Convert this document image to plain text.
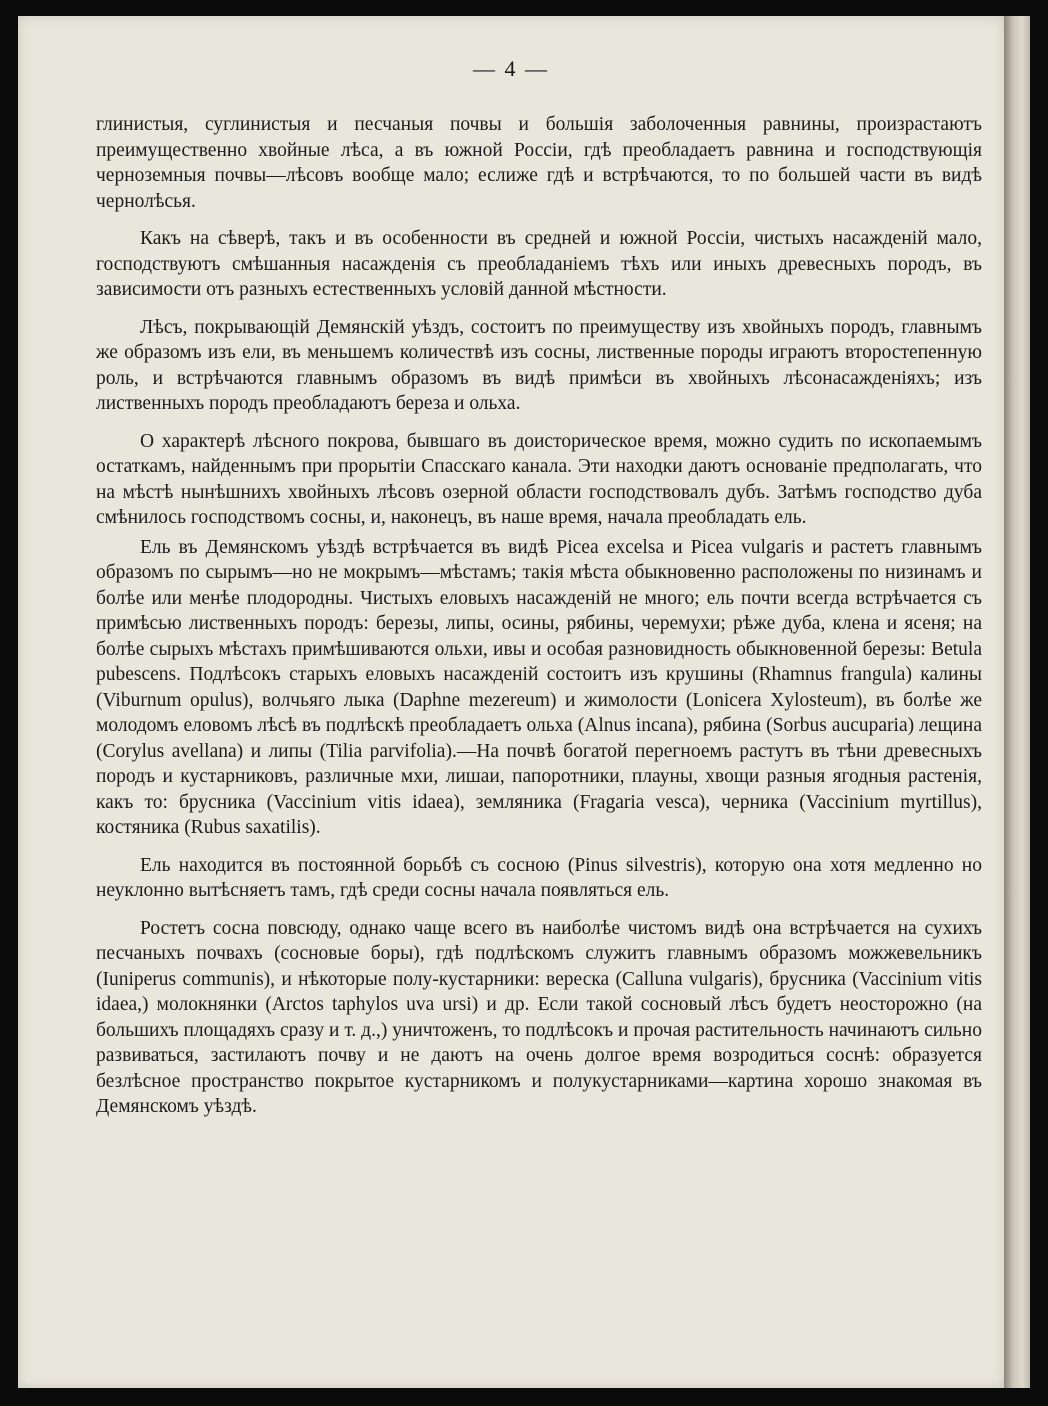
— 4 —

глинистыя, суглинистыя и песчаныя почвы и большія заболоченныя равнины, произрастаютъ преимущественно хвойные лѣса, а въ южной Россіи, гдѣ преобладаетъ равнина и господствующія черноземныя почвы—лѣсовъ вообще мало; еслиже гдѣ и встрѣчаются, то по большей части въ видѣ чернолѣсья.

Какъ на сѣверѣ, такъ и въ особенности въ средней и южной Россіи, чистыхъ насажденій мало, господствуютъ смѣшанныя насажденія съ преобладаніемъ тѣхъ или иныхъ древесныхъ породъ, въ зависимости отъ разныхъ естественныхъ условій данной мѣстности.

Лѣсъ, покрывающій Демянскій уѣздъ, состоитъ по преимуществу изъ хвойныхъ породъ, главнымъ же образомъ изъ ели, въ меньшемъ количествѣ изъ сосны, лиственные породы играютъ второстепенную роль, и встрѣчаются главнымъ образомъ въ видѣ примѣси въ хвойныхъ лѣсонасажденіяхъ; изъ лиственныхъ породъ преобладаютъ береза и ольха.

О характерѣ лѣсного покрова, бывшаго въ доисторическое время, можно судить по ископаемымъ остаткамъ, найденнымъ при прорытіи Спасскаго канала. Эти находки даютъ основаніе предполагать, что на мѣстѣ нынѣшнихъ хвойныхъ лѣсовъ озерной области господствовалъ дубъ. Затѣмъ господство дуба смѣнилось господствомъ сосны, и, наконецъ, въ наше время, начала преобладать ель.

Ель въ Демянскомъ уѣздѣ встрѣчается въ видѣ Picea excelsa и Picea vulgaris и растетъ главнымъ образомъ по сырымъ—но не мокрымъ—мѣстамъ; такія мѣста обыкновенно расположены по низинамъ и болѣе или менѣе плодородны. Чистыхъ еловыхъ насажденій не много; ель почти всегда встрѣчается съ примѣсью лиственныхъ породъ: березы, липы, осины, рябины, черемухи; рѣже дуба, клена и ясеня; на болѣе сырыхъ мѣстахъ примѣшиваются ольхи, ивы и особая разновидность обыкновенной березы: Betula pubescens. Подлѣсокъ старыхъ еловыхъ насажденій состоитъ изъ крушины (Rhamnus frangula) калины (Viburnum opulus), волчьяго лыка (Daphne mezereum) и жимолости (Lonicera Xylosteum), въ болѣе же молодомъ еловомъ лѣсѣ въ подлѣскѣ преобладаетъ ольха (Alnus incana), рябина (Sorbus aucuparia) лещина (Corylus avellana) и липы (Tilia parvifolia).—На почвѣ богатой перегноемъ растутъ въ тѣни древесныхъ породъ и кустарниковъ, различные мхи, лишаи, папоротники, плауны, хвощи разныя ягодныя растенія, какъ то: брусника (Vaccinium vitis idaea), земляника (Fragaria vesca), черника (Vaccinium myrtillus), костяника (Rubus saxatilis).

Ель находится въ постоянной борьбѣ съ сосною (Pinus silvestris), которую она хотя медленно но неуклонно вытѣсняетъ тамъ, гдѣ среди сосны начала появляться ель.

Ростетъ сосна повсюду, однако чаще всего въ наиболѣе чистомъ видѣ она встрѣчается на сухихъ песчаныхъ почвахъ (сосновые боры), гдѣ подлѣскомъ служитъ главнымъ образомъ можжевельникъ (Iuniperus communis), и нѣкоторые полу-кустарники: вереска (Calluna vulgaris), брусника (Vaccinium vitis idaea,) молокнянки (Arctos taphylos uva ursi) и др. Если такой сосновый лѣсъ будетъ неосторожно (на большихъ площадяхъ сразу и т. д.,) уничтоженъ, то подлѣсокъ и прочая растительность начинаютъ сильно развиваться, застилаютъ почву и не даютъ на очень долгое время возродиться соснѣ: образуется безлѣсное пространство покрытое кустарникомъ и полукустарниками—картина хорошо знакомая въ Демянскомъ уѣздѣ.
